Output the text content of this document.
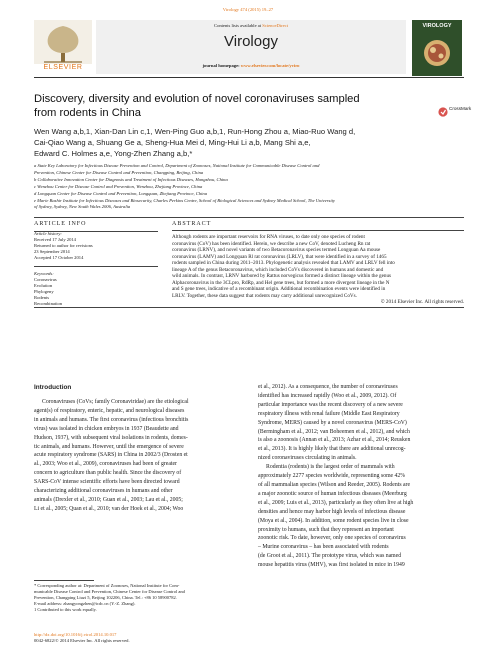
Virology 474 (2015) 19–27
ELSEVIER
Contents lists available at ScienceDirect
Virology
journal homepage: www.elsevier.com/locate/yviro
VIROLOGY
Discovery, diversity and evolution of novel coronaviruses sampled
from rodents in China	CrossMark
Wen Wang a,b,1, Xian-Dan Lin c,1, Wen-Ping Guo a,b,1, Run-Hong Zhou a, Miao-Ruo Wang d,
Cai-Qiao Wang a, Shuang Ge a, Sheng-Hua Mei d, Ming-Hui Li a,b, Mang Shi a,e,
Edward C. Holmes a,e, Yong-Zhen Zhang a,b,*
a State Key Laboratory for Infectious Disease Prevention and Control, Department of Zoonoses, National Institute for Communicable Disease Control and
Prevention, Chinese Center for Disease Control and Prevention, Changping, Beijing, China
b Collaborative Innovation Center for Diagnosis and Treatment of Infectious Diseases, Hangzhou, China
c Wenzhou Center for Disease Control and Prevention, Wenzhou, Zhejiang Province, China
d Longquan Center for Disease Control and Prevention, Longquan, Zhejiang Province, China
e Marie Bashir Institute for Infectious Diseases and Biosecurity, Charles Perkins Centre, School of Biological Sciences and Sydney Medical School, The University
of Sydney, Sydney, New South Wales 2006, Australia
ARTICLE INFO
Article history:
Received 17 July 2014
Returned to author for revisions
23 September 2014
Accepted 17 October 2014
Keywords:
Coronavirus
Evolution
Phylogeny
Rodents
Recombination
ABSTRACT
Although rodents are important reservoirs for RNA viruses, to date only one species of rodent
coronavirus (CoV) has been identified. Herein, we describe a new CoV, denoted Lucheng Rn rat
coronavirus (LRNV), and novel variants of two Betacoronavirus species termed Longquan Aa mouse
coronavirus (LAMV) and Longquan Rl rat coronavirus (LRLV), that were identified in a survey of 1465
rodents sampled in China during 2011–2013. Phylogenetic analysis revealed that LAMV and LRLV fell into
lineage A of the genus Betacoronavirus, which included CoVs discovered in humans and domestic and
wild animals. In contrast, LRNV harbored by Rattus norvegicus formed a distinct lineage within the genus
Alphacoronavirus in the 3CLpro, RdRp, and Hel gene trees, but formed a more divergent lineage in the N
and S gene trees, indicative of a recombinant origin. Additional recombination events were identified in
LRLV. Together, these data suggest that rodents may carry additional unrecognized CoVs.
© 2014 Elsevier Inc. All rights reserved.
Introduction
Coronaviruses (CoVs; family Coronaviridae) are the etiological
agent(s) of respiratory, enteric, hepatic, and neurological diseases
in animals and humans. The first coronavirus (infectious bronchitis
virus) was isolated in chicken embryos in 1937 (Beaudette and
Hudson, 1937), with subsequent viral isolations in rodents, domes-
tic animals, and humans. However, until the emergence of severe
acute respiratory syndrome (SARS) in China in 2002/3 (Drosten et
al., 2003; Woo et al., 2009), coronaviruses had been of greater
concern to agriculture than public health. Since the discovery of
SARS-CoV intense scientific efforts have been directed toward
characterizing additional coronaviruses in humans and other
animals (Drexler et al., 2010; Guan et al., 2003; Lau et al., 2005;
Li et al., 2005; Quan et al., 2010; van der Hoek et al., 2004; Woo
* Corresponding author at: Department of Zoonoses, National Institute for Com-
municable Disease Control and Prevention, Chinese Center for Disease Control and
Prevention, Changping Liuzi 5, Beijing 102206, China. Tel.: +86 10 58900782.
E-mail address: zhangyongzhen@icdc.cn (Y.-Z. Zhang).
1 Contributed to this work equally.
http://dx.doi.org/10.1016/j.virol.2014.10.017
0042-6822/© 2014 Elsevier Inc. All rights reserved.
et al., 2012). As a consequence, the number of coronaviruses
identified has increased rapidly (Woo et al., 2009, 2012). Of
particular importance was the recent discovery of a new severe
respiratory illness with renal failure (Middle East Respiratory
Syndrome, MERS) caused by a novel coronavirus (MERS-CoV)
(Bermingham et al., 2012; van Boheemen et al., 2012), and which
is also a zoonosis (Annan et al., 2013; Azhar et al., 2014; Reusken
et al., 2013). It is highly likely that there are additional unrecog-
nized coronaviruses circulating in animals.
Rodentia (rodents) is the largest order of mammals with
approximately 2277 species worldwide, representing some 42%
of all mammalian species (Wilson and Reeder, 2005). Rodents are
a major zoonotic source of human infectious diseases (Meerburg
et al., 2009; Luis et al., 2013), particularly as they often live at high
densities and hence may harbor high levels of infectious disease
(Moya et al., 2004). In addition, some rodent species live in close
proximity to humans, such that they represent an important
zoonotic risk. To date, however, only one species of coronavirus
– Murine coronavirus – has been associated with rodents
(de Groot et al., 2011). The prototype virus, which was named
mouse hepatitis virus (MHV), was first isolated in mice in 1949
